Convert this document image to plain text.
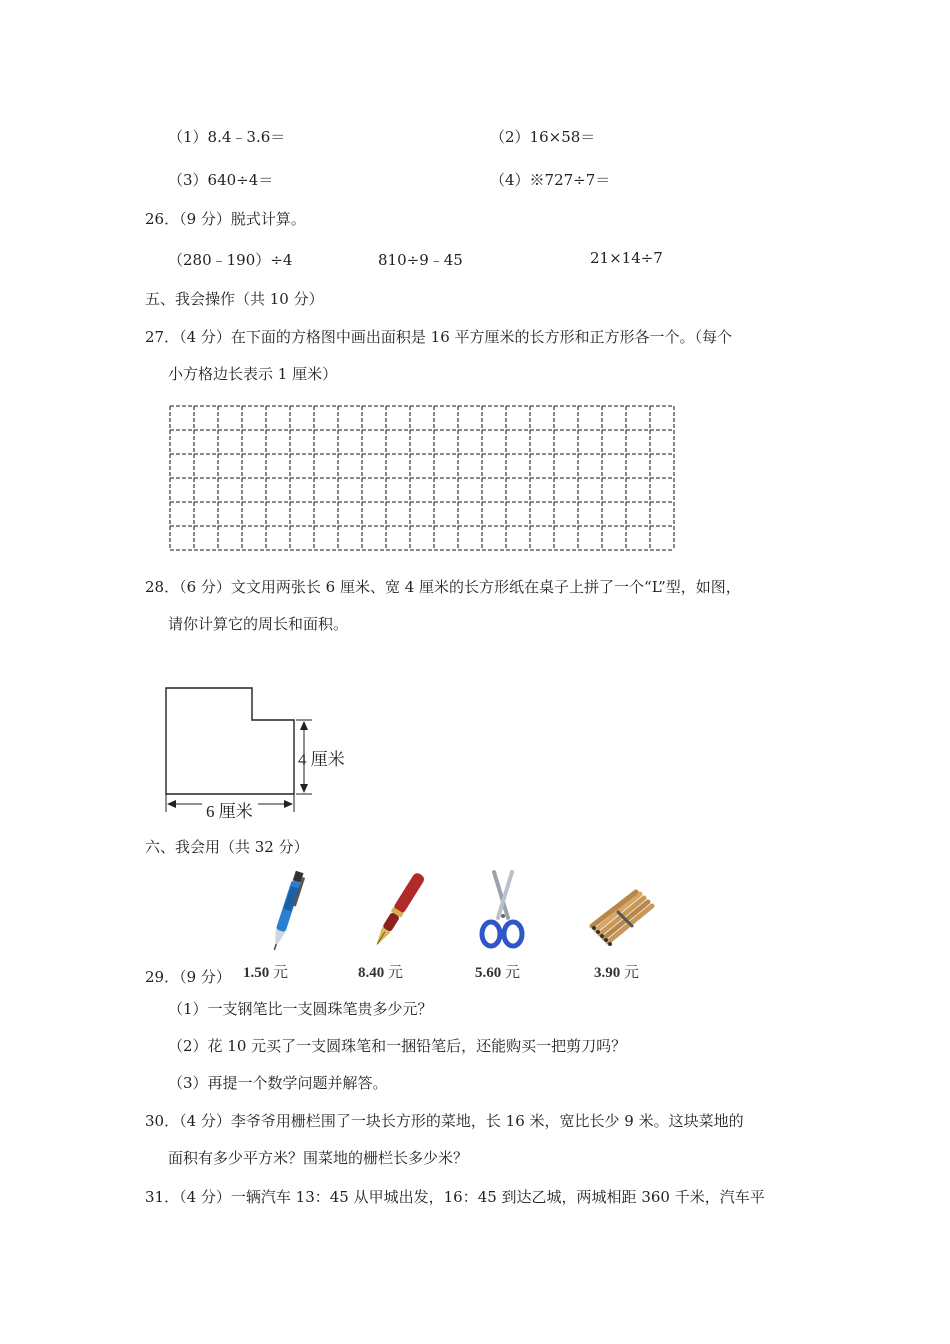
（1）8.4﹣3.6＝	（2）16×58＝
（3）640÷4＝	（4）※727÷7＝
26．（9 分）脱式计算。
（280﹣190）÷4	810÷9﹣45	21×14÷7
五、我会操作（共 10 分）
27．（4 分）在下面的方格图中画出面积是 16 平方厘米的长方形和正方形各一个。（每个
小方格边长表示 1 厘米）
28．（6 分）文文用两张长 6 厘米、宽 4 厘米的长方形纸在桌子上拼了一个“L”型，如图，
请你计算它的周长和面积。
4 厘米
6 厘米
六、我会用（共 32 分）
1.50 元	8.40 元	5.60 元	3.90 元
29．（9 分）
（1）一支钢笔比一支圆珠笔贵多少元？
（2）花 10 元买了一支圆珠笔和一捆铅笔后，还能购买一把剪刀吗？
（3）再提一个数学问题并解答。
30．（4 分）李爷爷用栅栏围了一块长方形的菜地，长 16 米，宽比长少 9 米。这块菜地的
面积有多少平方米？围菜地的栅栏长多少米？
31．（4 分）一辆汽车 13：45 从甲城出发，16：45 到达乙城，两城相距 360 千米，汽车平
